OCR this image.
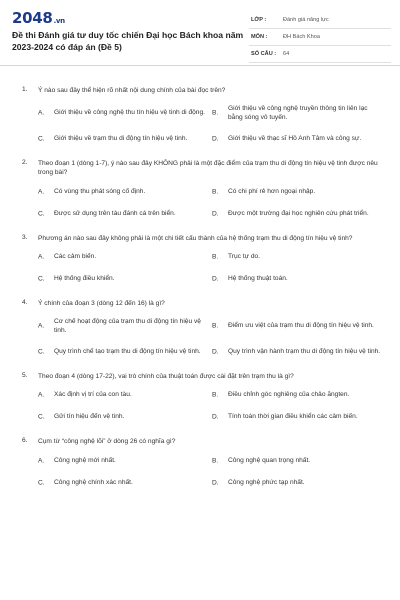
2048.vn
Đề thi Đánh giá tư duy tốc chiến Đại học Bách khoa năm 2023-2024 có đáp án (Đề 5)
LỚP :	Đánh giá năng lực
MÔN :	ĐH Bách Khoa
SỐ CÂU : 64
1. Ý nào sau đây thể hiện rõ nhất nội dung chính của bài đọc trên?
A. Giới thiệu về công nghệ thu tín hiệu vệ tinh di động. B.
Giới thiệu về công nghệ truyền thông tin liên lạc bằng sóng vô tuyến.
C. Giới thiệu về trạm thu di động tín hiệu vệ tinh.	D. Giới thiệu về thạc sĩ Hồ Anh Tâm và công sự.
2. Theo đoạn 1 (dòng 1-7), ý nào sau đây KHÔNG phải là một đặc điểm của trạm thu di động tín hiệu vệ tinh được nêu trong bài?
A. Có vùng thu phát sóng cố định.	B. Có chi phí rẻ hơn ngoại nhập.
C. Được sử dụng trên tàu đánh cá trên biển.	D. Được một trường đại học nghiên cứu phát triển.
3. Phương án nào sau đây không phải là một chi tiết cấu thành của hệ thống trạm thu di động tín hiệu vệ tinh?
A. Các cảm biến.	B. Trục tự do.
C. Hệ thống điều khiển.	D. Hệ thống thuật toán.
4. Ý chính của đoạn 3 (dòng 12 đến 16) là gì?
A.
Cơ chế hoạt động của trạm thu di động tín hiệu vệ tinh.
B. Điểm ưu việt của trạm thu di động tín hiệu vệ tinh.
C. Quy trình chế tạo trạm thu di động tín hiệu vệ tinh. D. Quy trình vận hành trạm thu di động tín hiệu vệ tinh.
5. Theo đoạn 4 (dòng 17-22), vai trò chính của thuật toán được cài đặt trên trạm thu là gì?
A. Xác định vị trí của con tàu.	B. Điều chỉnh góc nghiêng của chảo ăngten.
C. Gửi tín hiệu đến vệ tinh.	D. Tính toán thời gian điều khiển các cảm biến.
6. Cụm từ “công nghệ lõi” ở dòng 26 có nghĩa gì?
A. Công nghệ mới nhất.	B. Công nghệ quan trọng nhất.
C. Công nghệ chính xác nhất.	D. Công nghệ phức tạp nhất.
